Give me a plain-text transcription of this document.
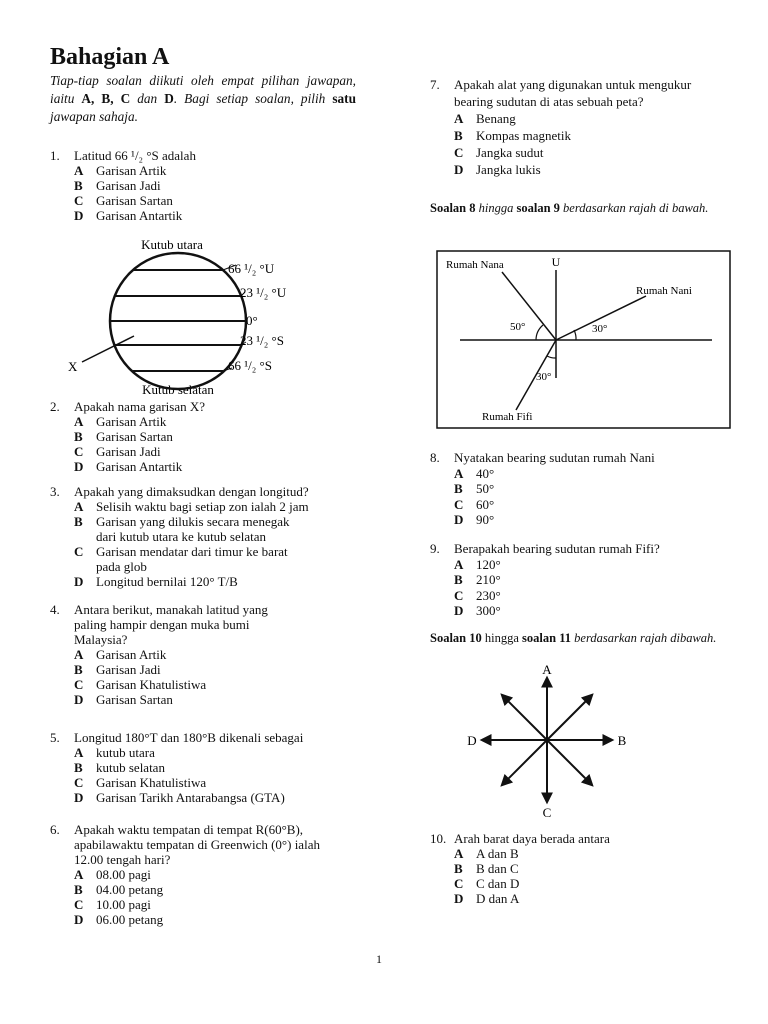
Bahagian A
Tiap-tiap soalan diikuti oleh empat pilihan jawapan, iaitu A, B, C dan D. Bagi setiap soalan, pilih satu jawapan sahaja.
1.	Latitud 66 ¹/₂ °S adalah
A Garisan Artik
B	Garisan Jadi
C Garisan Sartan
D Garisan Antartik
Kutub utara
Kutub selatan
X
66 ¹/₂ °U
23 ¹/₂ °U
0°
23 ¹/₂ °S
66 ¹/₂ °S
2.	Apakah nama garisan X?
A Garisan Artik
B	Garisan Sartan
C Garisan Jadi
D Garisan Antartik
3.	Apakah yang dimaksudkan dengan longitud?
A Selisih waktu bagi setiap zon ialah 2 jam
B	Garisan yang dilukis secara menegak
dari kutub utara ke kutub selatan
C Garisan mendatar dari timur ke barat
pada glob
D Longitud bernilai 120° T/B
4.	Antara berikut, manakah latitud yang
paling hampir dengan muka bumi
Malaysia?
A Garisan Artik
B	Garisan Jadi
C Garisan Khatulistiwa
D Garisan Sartan
5.	Longitud 180°T dan 180°B dikenali sebagai
A kutub utara
B	kutub selatan
C Garisan Khatulistiwa
D Garisan Tarikh Antarabangsa (GTA)
6.	Apakah waktu tempatan di tempat R(60°B),
apabilawaktu tempatan di Greenwich (0°) ialah
12.00 tengah hari?
A 08.00 pagi
B	04.00 petang
C 10.00 pagi
D 06.00 petang
7.	Apakah alat yang digunakan untuk mengukur
bearing sudutan di atas sebuah peta?
A Benang
B	Kompas magnetik
C Jangka sudut
D Jangka lukis
Soalan 8 hingga soalan 9 berdasarkan rajah di bawah.
U
Rumah Nana
Rumah Nani
Rumah Fifi
50°	30°
30°
8.	Nyatakan bearing sudutan rumah Nani
A 40°
B	50°
C 60°
D 90°
9.	Berapakah bearing sudutan rumah Fifi?
A 120°
B	210°
C 230°
D 300°
Soalan 10 hingga soalan 11 berdasarkan rajah dibawah.
A
B
C
D
10. Arah barat daya berada antara
A A dan B
B	B dan C
C C dan D
D D dan A
1
